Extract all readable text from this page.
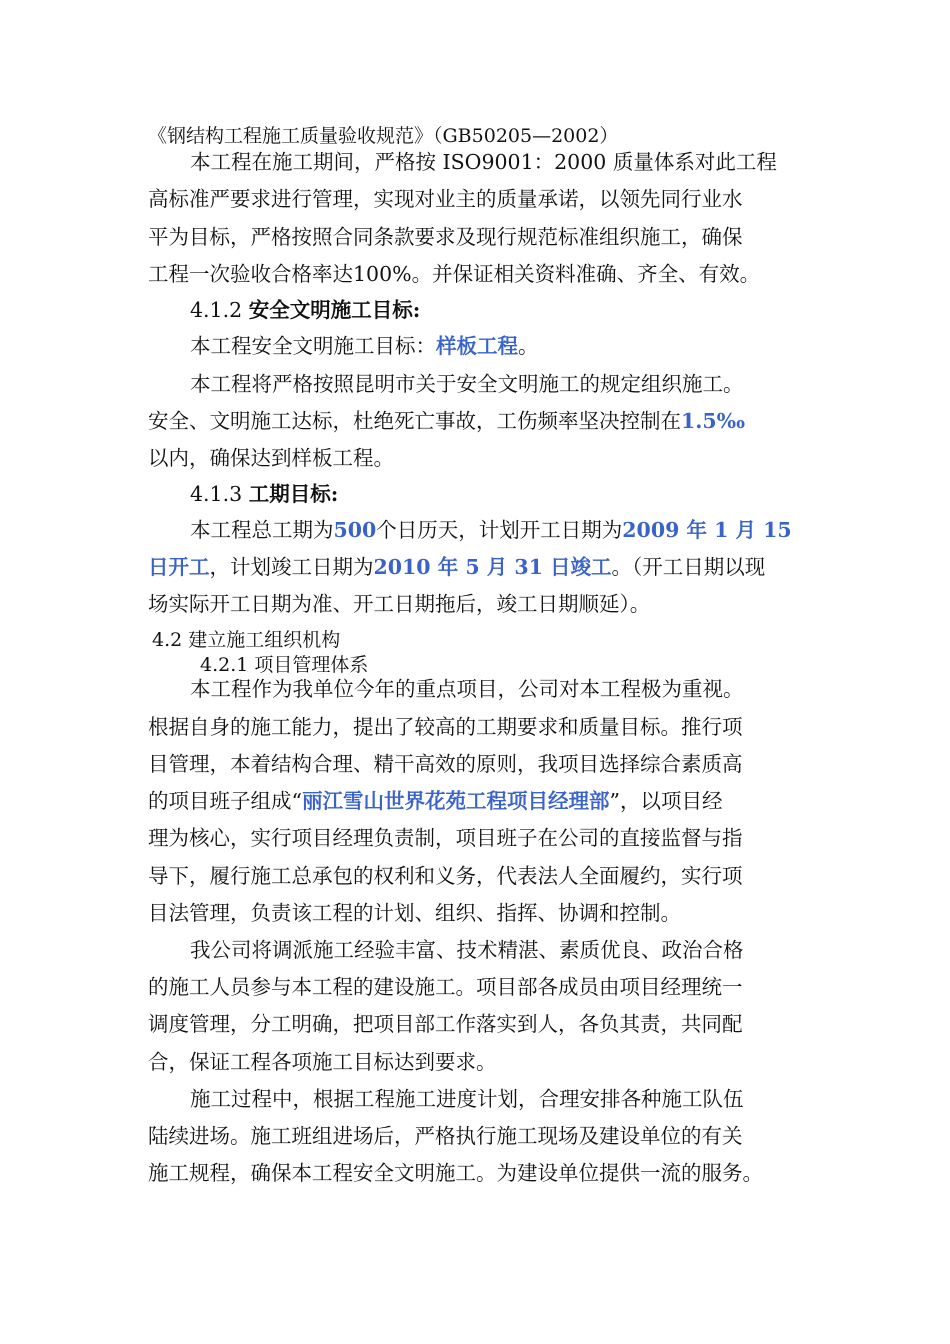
《钢结构工程施工质量验收规范》（GB50205—2002）
本工程在施工期间，严格按 ISO9001：2000 质量体系对此工程
高标准严要求进行管理，实现对业主的质量承诺，以领先同行业水
平为目标，严格按照合同条款要求及现行规范标准组织施工，确保
工程一次验收合格率达100%。并保证相关资料准确、齐全、有效。
4.1.2 安全文明施工目标:
本工程安全文明施工目标：样板工程。
本工程将严格按照昆明市关于安全文明施工的规定组织施工。
安全、文明施工达标，杜绝死亡事故，工伤频率坚决控制在1.5‰
以内，确保达到样板工程。
4.1.3 工期目标:
本工程总工期为500个日历天，计划开工日期为2009 年 1 月 15
日开工，计划竣工日期为2010 年 5 月 31 日竣工。（开工日期以现
场实际开工日期为准、开工日期拖后，竣工日期顺延）。
4.2 建立施工组织机构
4.2.1 项目管理体系
本工程作为我单位今年的重点项目，公司对本工程极为重视。
根据自身的施工能力，提出了较高的工期要求和质量目标。推行项
目管理，本着结构合理、精干高效的原则，我项目选择综合素质高
的项目班子组成“丽江雪山世界花苑工程项目经理部”，以项目经
理为核心，实行项目经理负责制，项目班子在公司的直接监督与指
导下，履行施工总承包的权利和义务，代表法人全面履约，实行项
目法管理，负责该工程的计划、组织、指挥、协调和控制。
我公司将调派施工经验丰富、技术精湛、素质优良、政治合格
的施工人员参与本工程的建设施工。项目部各成员由项目经理统一
调度管理，分工明确，把项目部工作落实到人，各负其责，共同配
合，保证工程各项施工目标达到要求。
施工过程中，根据工程施工进度计划，合理安排各种施工队伍
陆续进场。施工班组进场后，严格执行施工现场及建设单位的有关
施工规程，确保本工程安全文明施工。为建设单位提供一流的服务。
